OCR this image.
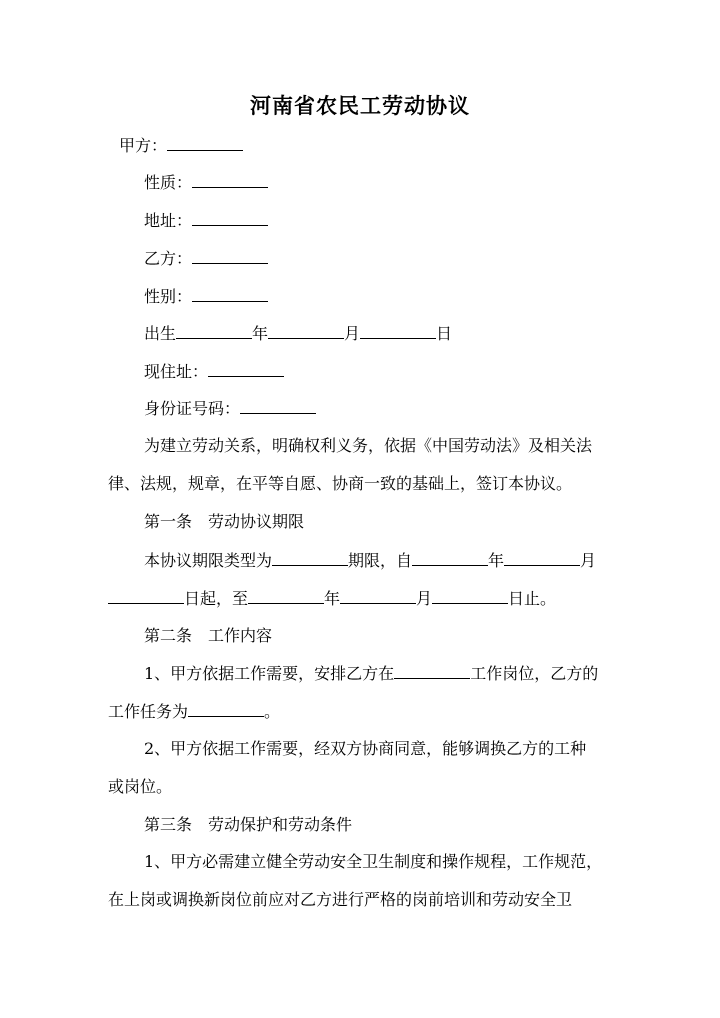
河南省农民工劳动协议
甲方：
性质：
地址：
乙方：
性别：
出生	年	月	日
现住址：
身份证号码：
为建立劳动关系，明确权利义务，依据《中国劳动法》及相关法
律、法规，规章，在平等自愿、协商一致的基础上，签订本协议。
第一条　劳动协议期限
本协议期限类型为	期限，自	年	月
日起，至	年	月	日止。
第二条　工作内容
1、甲方依据工作需要，安排乙方在	工作岗位，乙方的
工作任务为	。
2、甲方依据工作需要，经双方协商同意，能够调换乙方的工种
或岗位。
第三条　劳动保护和劳动条件
1、甲方必需建立健全劳动安全卫生制度和操作规程，工作规范，
在上岗或调换新岗位前应对乙方进行严格的岗前培训和劳动安全卫
